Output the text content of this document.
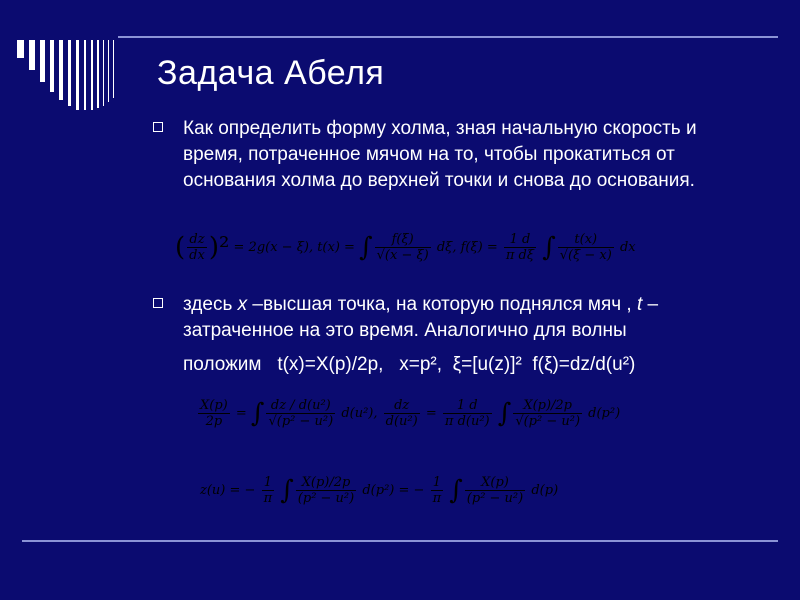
Задача Абеля
Как определить форму холма, зная начальную скорость и время, потраченное мячом на то, чтобы прокатиться от основания холма до верхней точки и снова до основания.
( $\frac{dz}{dx} )^2 = 2g(x - \xi)$, t(x) = ∫ $\frac{f(\xi)}{√(x - \xi)} d\xi$, $f(\xi) = \frac{1 d}{\text{π dξ}}$ ∫ $\frac{t(x)}{√(\xi - x)}$ dx
здесь х –высшая точка, на которую поднялся мяч , t –
затраченное на это время. Аналогично для волны
положим   t(x)=X(p)/2p,   x=p²,  ξ=[u(z)]²  f(ξ)=dz/d(u²)
$\frac{X(p)}{2p}$ = ∫ $\frac{\text{dz / d(u²)}}{\text{√(p² − u²)}} d(u^2)$, $\frac{dz}{\text{d(u²)}} = \frac{1 d}{\text{π d(u²)}}$ ∫ $\frac{X(p)/2p}{\text{√(p² − u²)}} d(p^2)$
z(u) = − $\frac{1}{\pi}$ ∫ $\frac{X(p)/2p}{\text{(p² − u²)}} d(p^2)$ = − $\frac{1}{\pi}$ ∫ $\frac{X(p)}{\text{(p² − u²)}} d(p)$
